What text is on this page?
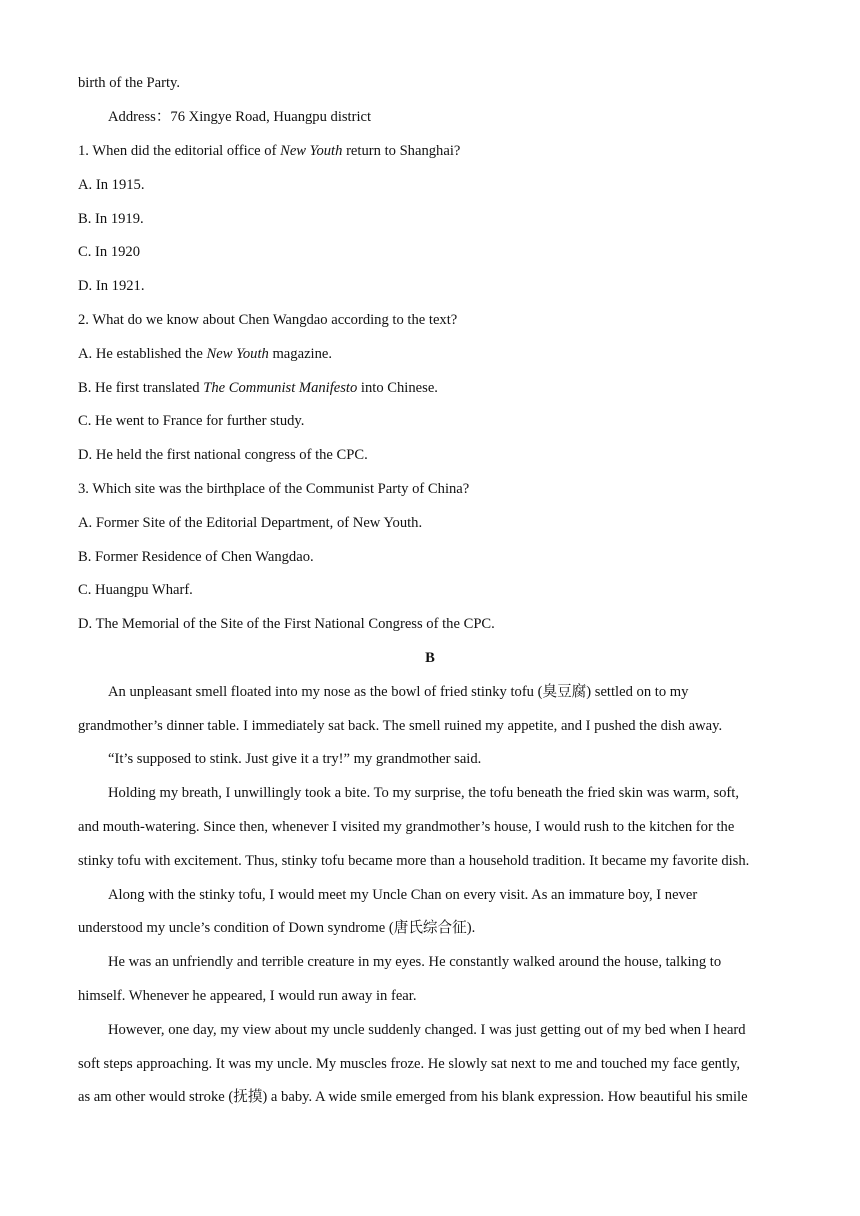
birth of the Party.
Address：76 Xingye Road, Huangpu district
1. When did the editorial office of New Youth return to Shanghai?
A. In 1915.
B. In 1919.
C. In 1920
D. In 1921.
2. What do we know about Chen Wangdao according to the text?
A. He established the New Youth magazine.
B. He first translated The Communist Manifesto into Chinese.
C. He went to France for further study.
D. He held the first national congress of the CPC.
3. Which site was the birthplace of the Communist Party of China?
A. Former Site of the Editorial Department, of New Youth.
B. Former Residence of Chen Wangdao.
C. Huangpu Wharf.
D. The Memorial of the Site of the First National Congress of the CPC.
B
An unpleasant smell floated into my nose as the bowl of fried stinky tofu (臭豆腐) settled on to my
grandmother’s dinner table. I immediately sat back. The smell ruined my appetite, and I pushed the dish away.
“It’s supposed to stink. Just give it a try!” my grandmother said.
Holding my breath, I unwillingly took a bite. To my surprise, the tofu beneath the fried skin was warm, soft,
and mouth-watering. Since then, whenever I visited my grandmother’s house, I would rush to the kitchen for the
stinky tofu with excitement. Thus, stinky tofu became more than a household tradition. It became my favorite dish.
Along with the stinky tofu, I would meet my Uncle Chan on every visit. As an immature boy, I never
understood my uncle’s condition of Down syndrome (唐氏综合征).
He was an unfriendly and terrible creature in my eyes. He constantly walked around the house, talking to
himself. Whenever he appeared, I would run away in fear.
However, one day, my view about my uncle suddenly changed. I was just getting out of my bed when I heard
soft steps approaching. It was my uncle. My muscles froze. He slowly sat next to me and touched my face gently,
as am other would stroke (抚摸) a baby. A wide smile emerged from his blank expression. How beautiful his smile
